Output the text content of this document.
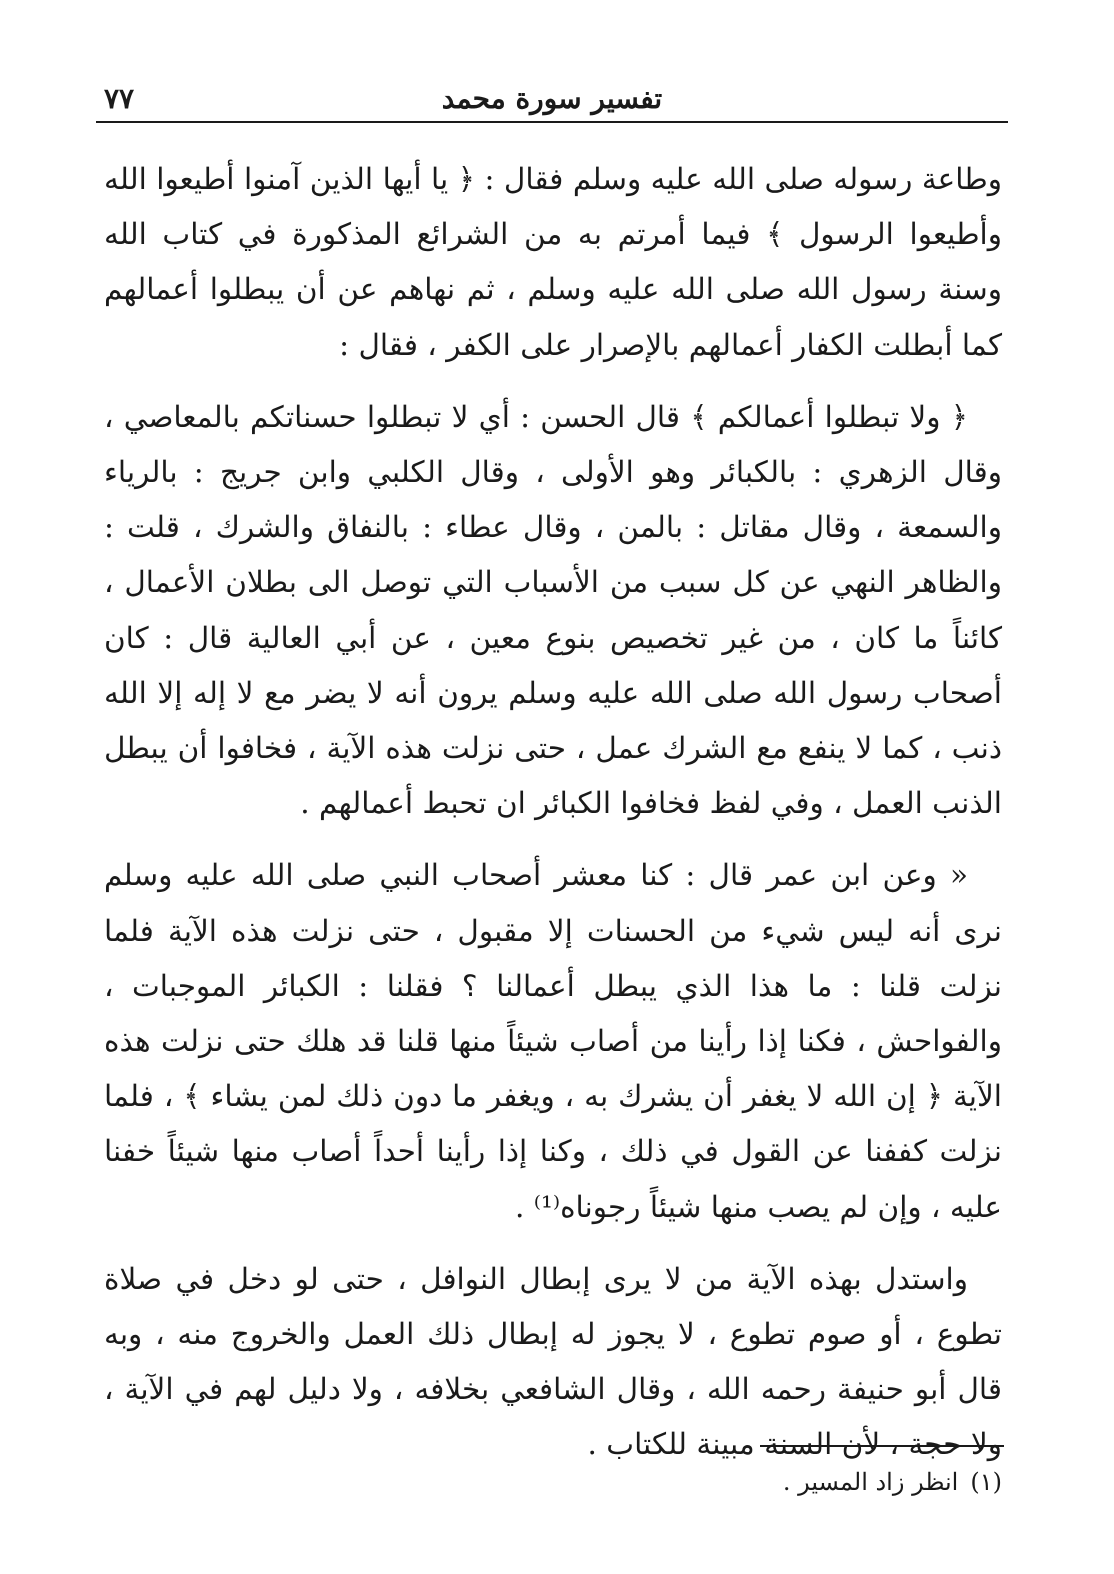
تفسير سورة محمد
٧٧

وطاعة رسوله صلى الله عليه وسلم فقال : ﴿ يا أيها الذين آمنوا أطيعوا الله وأطيعوا الرسول ﴾ فيما أمرتم به من الشرائع المذكورة في كتاب الله وسنة رسول الله صلى الله عليه وسلم ، ثم نهاهم عن أن يبطلوا أعمالهم كما أبطلت الكفار أعمالهم بالإصرار على الكفر ، فقال :

﴿ ولا تبطلوا أعمالكم ﴾ قال الحسن : أي لا تبطلوا حسناتكم بالمعاصي ، وقال الزهري : بالكبائر وهو الأولى ، وقال الكلبي وابن جريج : بالرياء والسمعة ، وقال مقاتل : بالمن ، وقال عطاء : بالنفاق والشرك ، قلت : والظاهر النهي عن كل سبب من الأسباب التي توصل الى بطلان الأعمال ، كائناً ما كان ، من غير تخصيص بنوع معين ، عن أبي العالية قال : كان أصحاب رسول الله صلى الله عليه وسلم يرون أنه لا يضر مع لا إله إلا الله ذنب ، كما لا ينفع مع الشرك عمل ، حتى نزلت هذه الآية ، فخافوا أن يبطل الذنب العمل ، وفي لفظ فخافوا الكبائر ان تحبط أعمالهم .

« وعن ابن عمر قال : كنا معشر أصحاب النبي صلى الله عليه وسلم نرى أنه ليس شيء من الحسنات إلا مقبول ، حتى نزلت هذه الآية فلما نزلت قلنا : ما هذا الذي يبطل أعمالنا ؟ فقلنا : الكبائر الموجبات ، والفواحش ، فكنا إذا رأينا من أصاب شيئاً منها قلنا قد هلك حتى نزلت هذه الآية ﴿ إن الله لا يغفر أن يشرك به ، ويغفر ما دون ذلك لمن يشاء ﴾ ، فلما نزلت كففنا عن القول في ذلك ، وكنا إذا رأينا أحداً أصاب منها شيئاً خفنا عليه ، وإن لم يصب منها شيئاً رجوناه⁽¹⁾ .

واستدل بهذه الآية من لا يرى إبطال النوافل ، حتى لو دخل في صلاة تطوع ، أو صوم تطوع ، لا يجوز له إبطال ذلك العمل والخروج منه ، وبه قال أبو حنيفة رحمه الله ، وقال الشافعي بخلافه ، ولا دليل لهم في الآية ، ولا حجة ، لأن السنة مبينة للكتاب .

(١)انظر زاد المسير .
